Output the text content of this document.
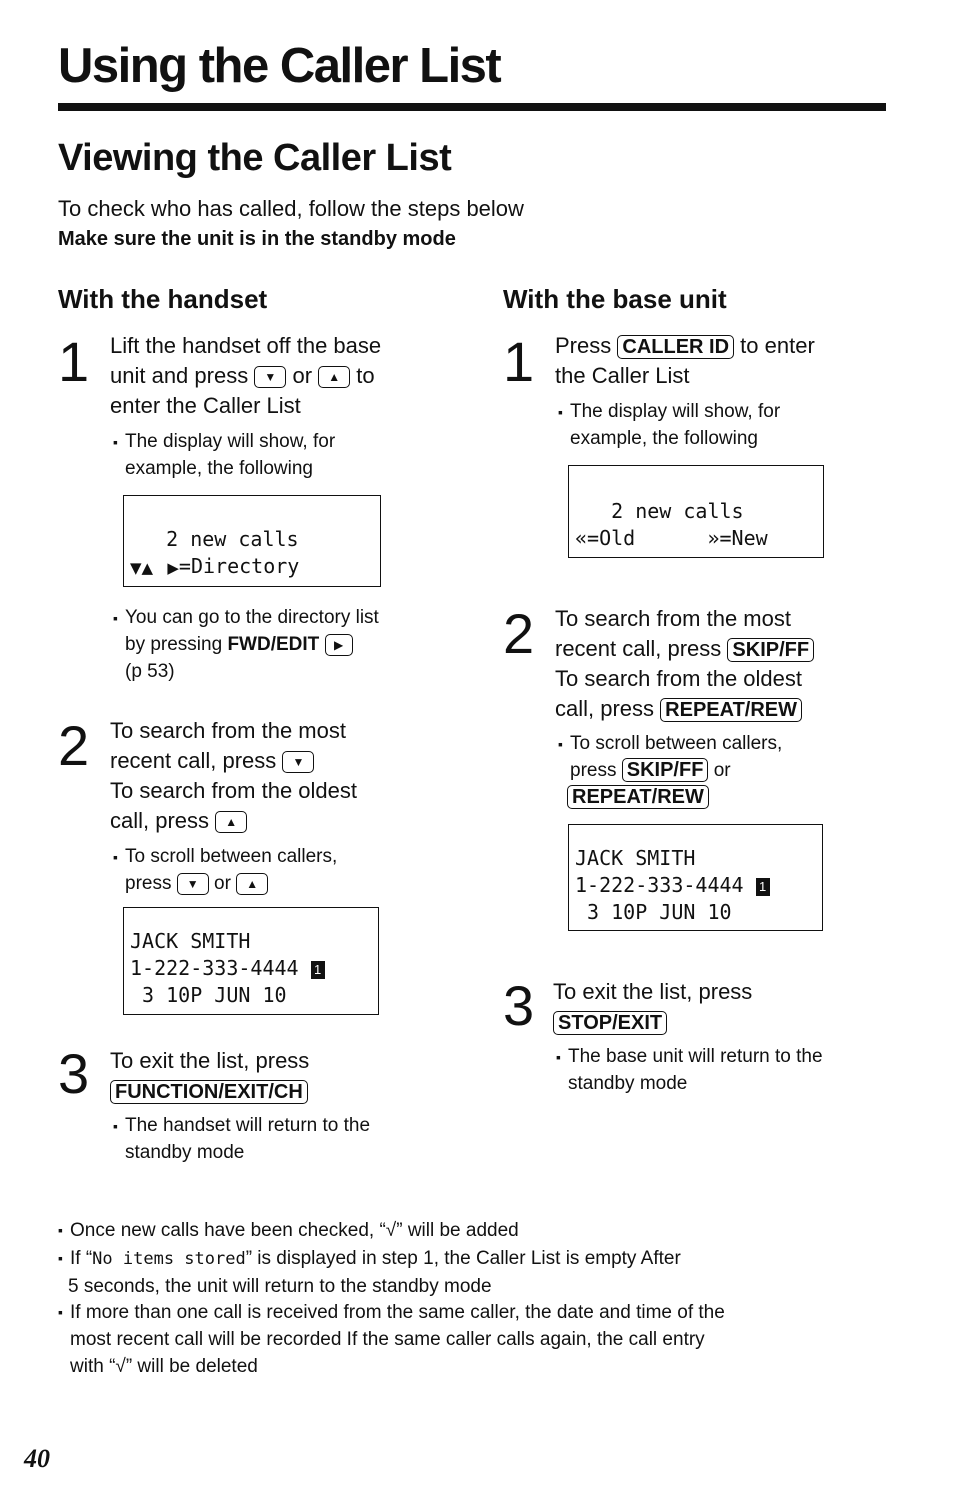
Using the Caller List
Viewing the Caller List
To check who has called, follow the steps below
Make sure the unit is in the standby mode
With the handset
1 Lift the handset off the base
unit and press ▼ or ▲ to
enter the Caller List
▪ The display will show, for
example, the following
2 new calls
▼▲   ▶=Directory
▪ You can go to the directory list
by pressing FWD/EDIT ▶
(p 53)
2 To search from the most
recent call, press ▼
To search from the oldest
call, press ▲
▪ To scroll between callers,
press ▼ or ▲
JACK SMITH
1-222-333-4444 1
3 10P JUN 10
3 To exit the list, press
FUNCTION/EXIT/CH
▪ The handset will return to the
standby mode
With the base unit
1 Press CALLER ID to enter
the Caller List
▪ The display will show, for
example, the following
2 new calls
«=Old      »=New
2 To search from the most
recent call, press SKIP/FF
To search from the oldest
call, press REPEAT/REW
▪ To scroll between callers,
press SKIP/FF or
REPEAT/REW
JACK SMITH
1-222-333-4444 1
3 10P JUN 10
3 To exit the list, press
STOP/EXIT
▪ The base unit will return to the
standby mode
▪ Once new calls have been checked, “√” will be added
▪ If “No items stored” is displayed in step 1, the Caller List is empty After
5 seconds, the unit will return to the standby mode
▪ If more than one call is received from the same caller, the date and time of the
most recent call will be recorded If the same caller calls again, the call entry
with “√” will be deleted
40
